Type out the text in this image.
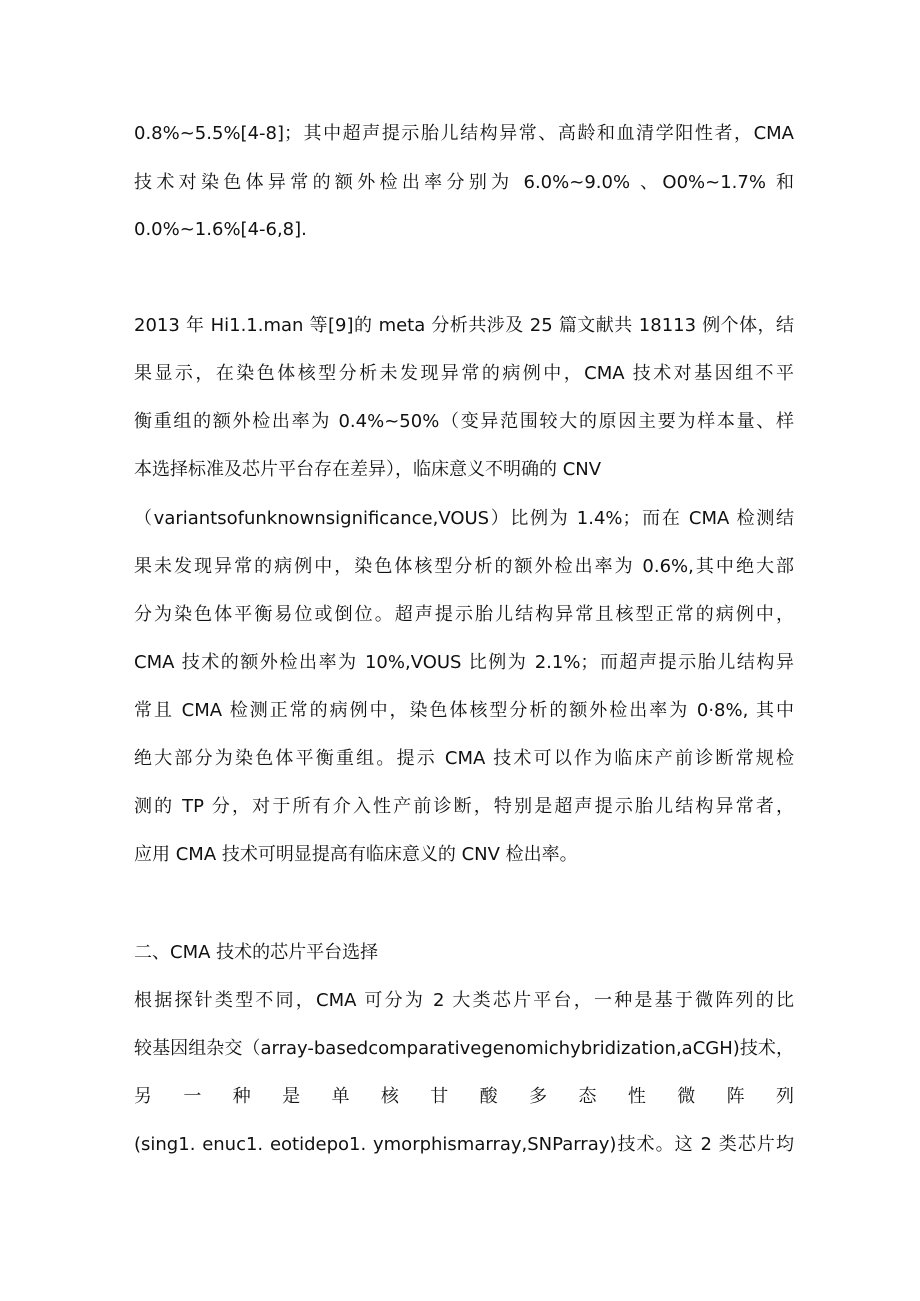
0.8%~5.5%[4-8]；其中超声提示胎儿结构异常、高龄和血清学阳性者，CMA
技术对染色体异常的额外检出率分别为 6.0%~9.0% 、O0%~1.7% 和
0.0%~1.6%[4-6,8].
2013 年 Hi1.1.man 等[9]的 meta 分析共涉及 25 篇文献共 18113 例个体，结
果显示，在染色体核型分析未发现异常的病例中，CMA 技术对基因组不平
衡重组的额外检出率为 0.4%~50%（变异范围较大的原因主要为样本量、样
本选择标准及芯片平台存在差异），临床意义不明确的 CNV
（variantsofunknownsignificance,VOUS）比例为 1.4%；而在 CMA 检测结
果未发现异常的病例中，染色体核型分析的额外检出率为 0.6%,其中绝大部
分为染色体平衡易位或倒位。超声提示胎儿结构异常且核型正常的病例中，
CMA 技术的额外检出率为 10%,VOUS 比例为 2.1%；而超声提示胎儿结构异
常且 CMA 检测正常的病例中，染色体核型分析的额外检出率为 0·8%, 其中
绝大部分为染色体平衡重组。提示 CMA 技术可以作为临床产前诊断常规检
测的 TP 分，对于所有介入性产前诊断，特别是超声提示胎儿结构异常者，
应用 CMA 技术可明显提高有临床意义的 CNV 检出率。
二、CMA 技术的芯片平台选择
根据探针类型不同，CMA 可分为 2 大类芯片平台，一种是基于微阵列的比
较基因组杂交（array-basedcomparativegenomichybridization,aCGH)技术，
另 一 种 是 单 核 甘 酸 多 态 性 微 阵 列
(sing1. enuc1. eotidepo1. ymorphismarray,SNParray)技术。这 2 类芯片均
